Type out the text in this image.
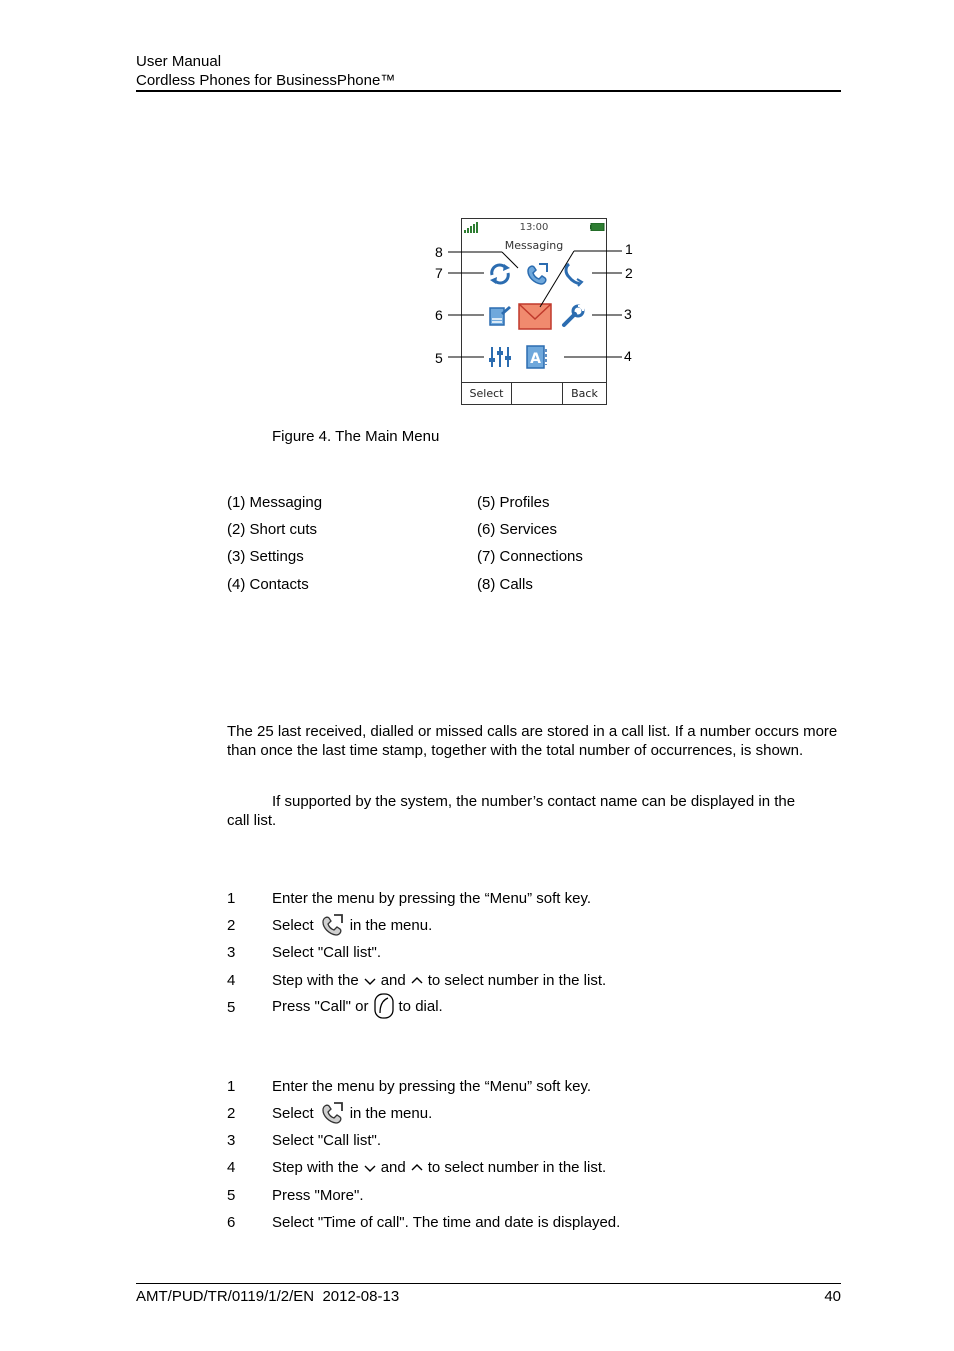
User Manual
Cordless Phones for BusinessPhone™
13:00
Messaging
A
Select	Back
1
2
3
4
5
6
7
8
Figure 4. The Main Menu
(1) Messaging
(2) Short cuts
(3) Settings
(4) Contacts
(5) Profiles
(6) Services
(7) Connections
(8) Calls
The 25 last received, dialled or missed calls are stored in a call list. If a number occurs more than once the last time stamp, together with the total number of occurrences, is shown.
If supported by the system, the number’s contact name can be displayed in the
call list.
1 Enter the menu by pressing the “Menu” soft key.
2 Select in the menu.
3 Select "Call list".
4 Step with the and to select number in the list.
5 Press "Call" or to dial.
1 Enter the menu by pressing the “Menu” soft key.
2 Select in the menu.
3 Select "Call list".
4 Step with the and to select number in the list.
5 Press "More".
6 Select "Time of call". The time and date is displayed.
AMT/PUD/TR/0119/1/2/EN  2012-08-13	40
